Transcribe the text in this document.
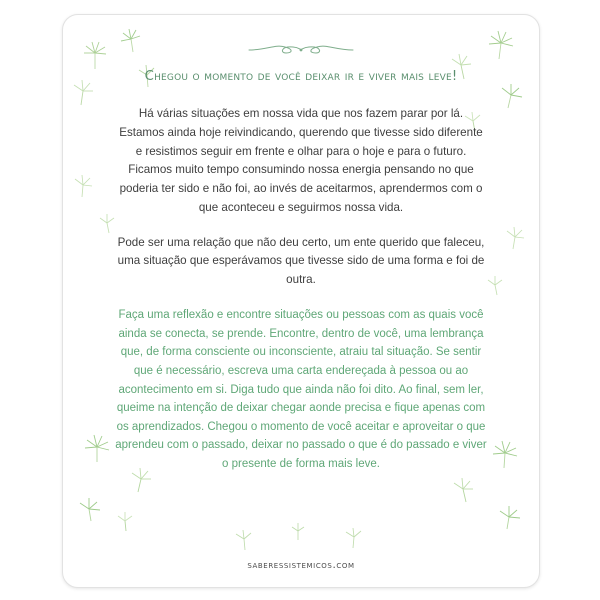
Chegou o momento de você deixar ir e viver mais leve!

Há várias situações em nossa vida que nos fazem parar por lá. Estamos ainda hoje reivindicando, querendo que tivesse sido diferente e resistimos seguir em frente e olhar para o hoje e para o futuro. Ficamos muito tempo consumindo nossa energia pensando no que poderia ter sido e não foi, ao invés de aceitarmos, aprendermos com o que aconteceu e seguirmos nossa vida.

Pode ser uma relação que não deu certo, um ente querido que faleceu, uma situação que esperávamos que tivesse sido de uma forma e foi de outra.

Faça uma reflexão e encontre situações ou pessoas com as quais você ainda se conecta, se prende. Encontre, dentro de você, uma lembrança que, de forma consciente ou inconsciente, atraiu tal situação. Se sentir que é necessário, escreva uma carta endereçada à pessoa ou ao acontecimento em si. Diga tudo que ainda não foi dito. Ao final, sem ler, queime na intenção de deixar chegar aonde precisa e fique apenas com os aprendizados. Chegou o momento de você aceitar e aproveitar o que aprendeu com o passado, deixar no passado o que é do passado e viver o presente de forma mais leve.

saberessistemicos.com
